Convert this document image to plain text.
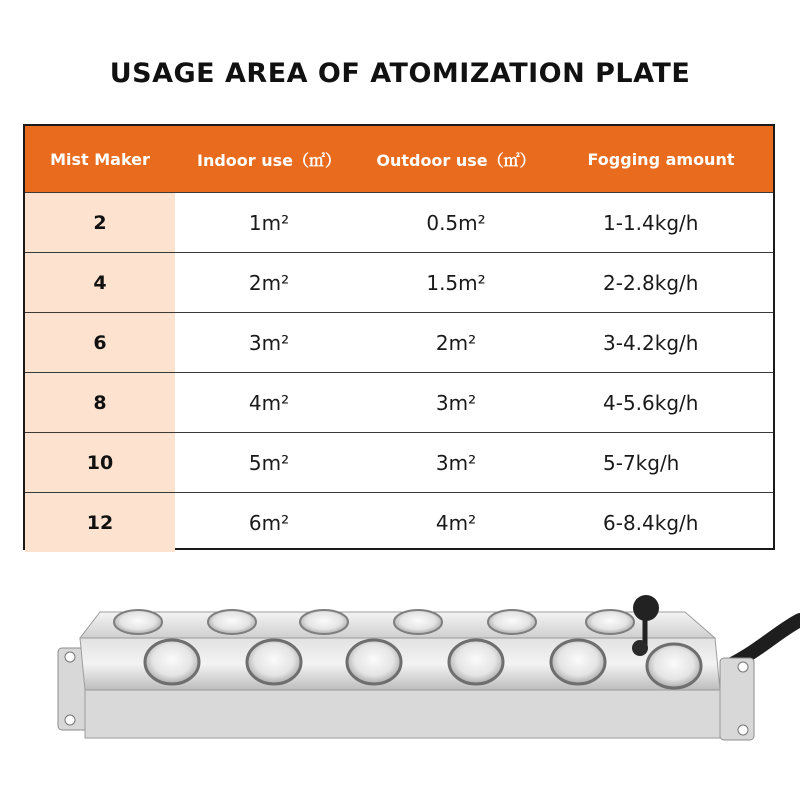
USAGE AREA OF ATOMIZATION PLATE
Mist Maker	Indoor use（㎡）	Outdoor use（㎡）	Fogging amount
2	1m²	0.5m²	1-1.4kg/h
4	2m²	1.5m²	2-2.8kg/h
6	3m²	2m²	3-4.2kg/h
8	4m²	3m²	4-5.6kg/h
10	5m²	3m²	5-7kg/h
12	6m²	4m²	6-8.4kg/h
